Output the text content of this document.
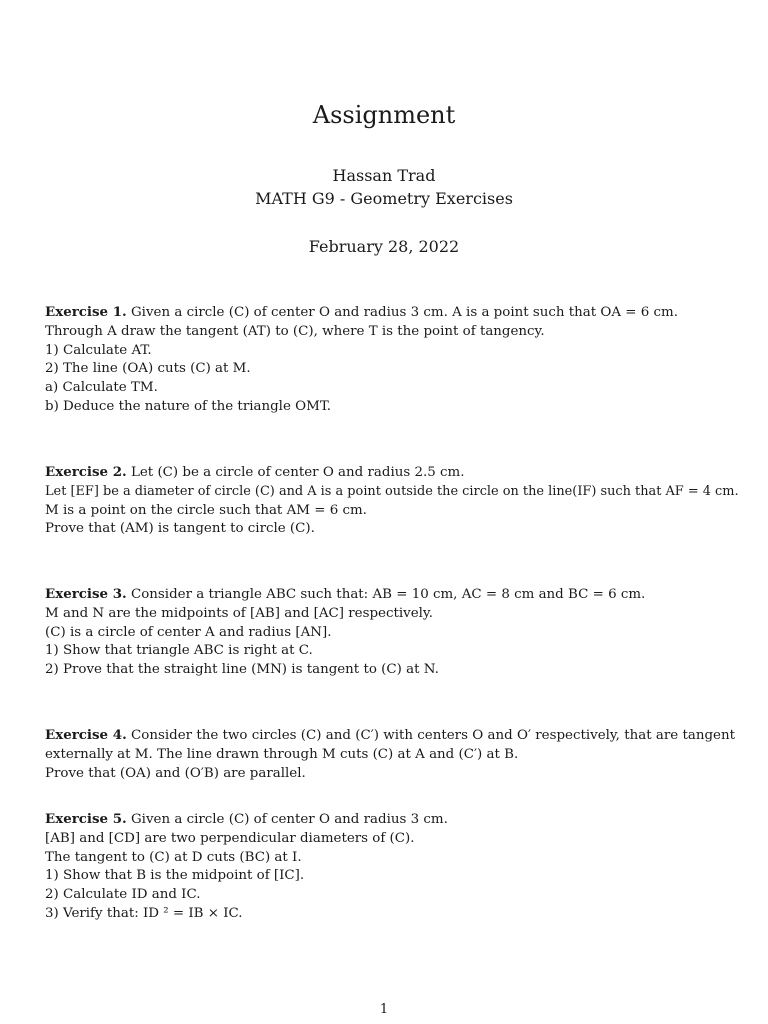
Assignment
Hassan Trad
MATH G9 - Geometry Exercises
February 28, 2022
Exercise 1. Given a circle (C) of center O and radius 3 cm. A is a point such that OA = 6 cm.
Through A draw the tangent (AT) to (C), where T is the point of tangency.
1) Calculate AT.
2) The line (OA) cuts (C) at M.
a) Calculate TM.
b) Deduce the nature of the triangle OMT.
Exercise 2. Let (C) be a circle of center O and radius 2.5 cm.
Let [EF] be a diameter of circle (C) and A is a point outside the circle on the line(IF) such that AF = 4 cm.
M is a point on the circle such that AM = 6 cm.
Prove that (AM) is tangent to circle (C).
Exercise 3. Consider a triangle ABC such that: AB = 10 cm, AC = 8 cm and BC = 6 cm.
M and N are the midpoints of [AB] and [AC] respectively.
(C) is a circle of center A and radius [AN].
1) Show that triangle ABC is right at C.
2) Prove that the straight line (MN) is tangent to (C) at N.
Exercise 4. Consider the two circles (C) and (C′) with centers O and O′ respectively, that are tangent
externally at M. The line drawn through M cuts (C) at A and (C′) at B.
Prove that (OA) and (O′B) are parallel.
Exercise 5. Given a circle (C) of center O and radius 3 cm.
[AB] and [CD] are two perpendicular diameters of (C).
The tangent to (C) at D cuts (BC) at I.
1) Show that B is the midpoint of [IC].
2) Calculate ID and IC.
3) Verify that: ID ² = IB × IC.
1
